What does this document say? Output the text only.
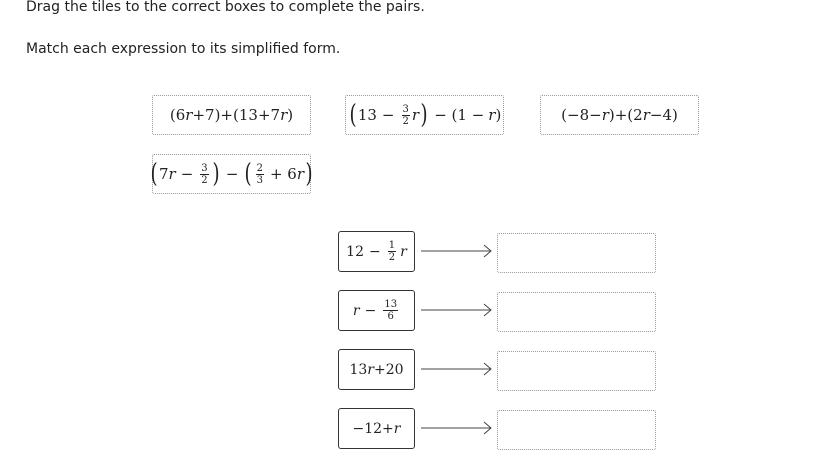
Drag the tiles to the correct boxes to complete the pairs.
Match each expression to its simplified form.
(6 r +7)+(13+7 r ) ( $13 - \frac{3}{2}$ r ) − (1 − r )	(−8− r )+(2 r −4)
( 7 $r - \frac{3}{2}$ ) − ( $\frac{2}{3} + 6$ r )
$12 - \frac{1}{2}$ r
$r - \frac{13}{6}$
13 r +20
−12+ r
